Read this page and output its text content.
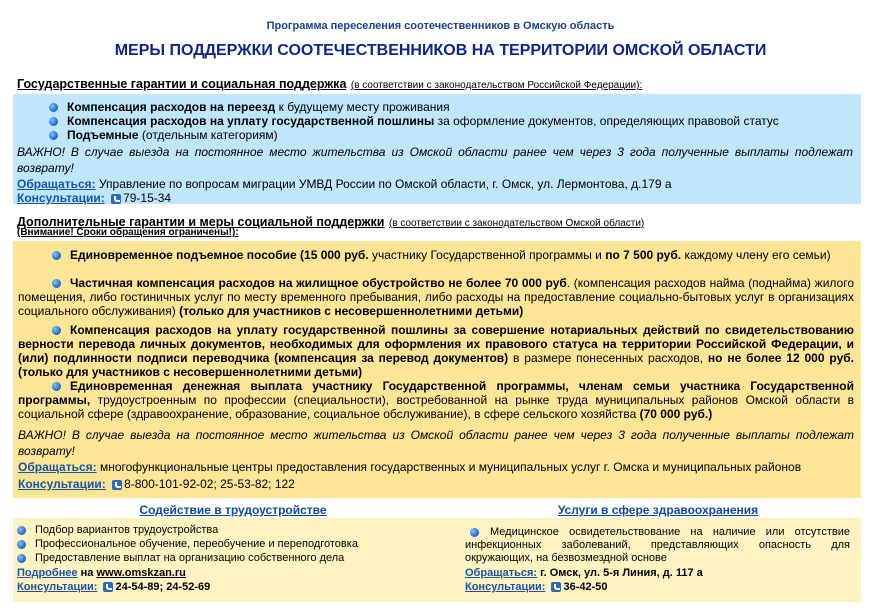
Программа переселения соотечественников в Омскую область
МЕРЫ ПОДДЕРЖКИ СООТЕЧЕСТВЕННИКОВ НА ТЕРРИТОРИИ ОМСКОЙ ОБЛАСТИ
Государственные гарантии и социальная поддержка (в соответствии с законодательством Российской Федерации):
Компенсация расходов на переезд к будущему месту проживания
Компенсация расходов на уплату государственной пошлины за оформление документов, определяющих правовой статус
Подъемные (отдельным категориям)
ВАЖНО! В случае выезда на постоянное место жительства из Омской области ранее чем через 3 года полученные выплаты подлежат возврату!
Обращаться: Управление по вопросам миграции УМВД России по Омской области, г. Омск, ул. Лермонтова, д.179 а
Консультации: 79-15-34
Дополнительные гарантии и меры социальной поддержки (в соответствии с законодательством Омской области)
(Внимание! Сроки обращения ограничены!):
Единовременное подъемное пособие (15 000 руб. участнику Государственной программы и по 7 500 руб. каждому члену его семьи)
Частичная компенсация расходов на жилищное обустройство не более 70 000 руб. (компенсация расходов найма (поднайма) жилого помещения, либо гостиничных услуг по месту временного пребывания, либо расходы на предоставление социально-бытовых услуг в организациях социального обслуживания) (только для участников с несовершеннолетними детьми)
Компенсация расходов на уплату государственной пошлины за совершение нотариальных действий по свидетельствованию верности перевода личных документов, необходимых для оформления их правового статуса на территории Российской Федерации, и (или) подлинности подписи переводчика (компенсация за перевод документов) в размере понесенных расходов, но не более 12 000 руб. (только для участников с несовершеннолетними детьми)
Единовременная денежная выплата участнику Государственной программы, членам семьи участника Государственной программы, трудоустроенным по профессии (специальности), востребованной на рынке труда муниципальных районов Омской области в социальной сфере (здравоохранение, образование, социальное обслуживание), в сфере сельского хозяйства (70 000 руб.)
ВАЖНО! В случае выезда на постоянное место жительства из Омской области ранее чем через 3 года полученные выплаты подлежат возврату!
Обращаться: многофункциональные центры предоставления государственных и муниципальных услуг г. Омска и муниципальных районов
Консультации: 8-800-101-92-02; 25-53-82; 122
Содействие в трудоустройстве	Услуги в сфере здравоохранения
Подбор вариантов трудоустройства
Профессиональное обучение, переобучение и переподготовка
Предоставление выплат на организацию собственного дела
Подробнее на www.omskzan.ru
Консультации: 24-54-89; 24-52-69
Медицинское освидетельствование на наличие или отсутствие инфекционных заболеваний, представляющих опасность для окружающих, на безвозмездной основе
Обращаться: г. Омск, ул. 5-я Линия, д. 117 а
Консультации: 36-42-50
